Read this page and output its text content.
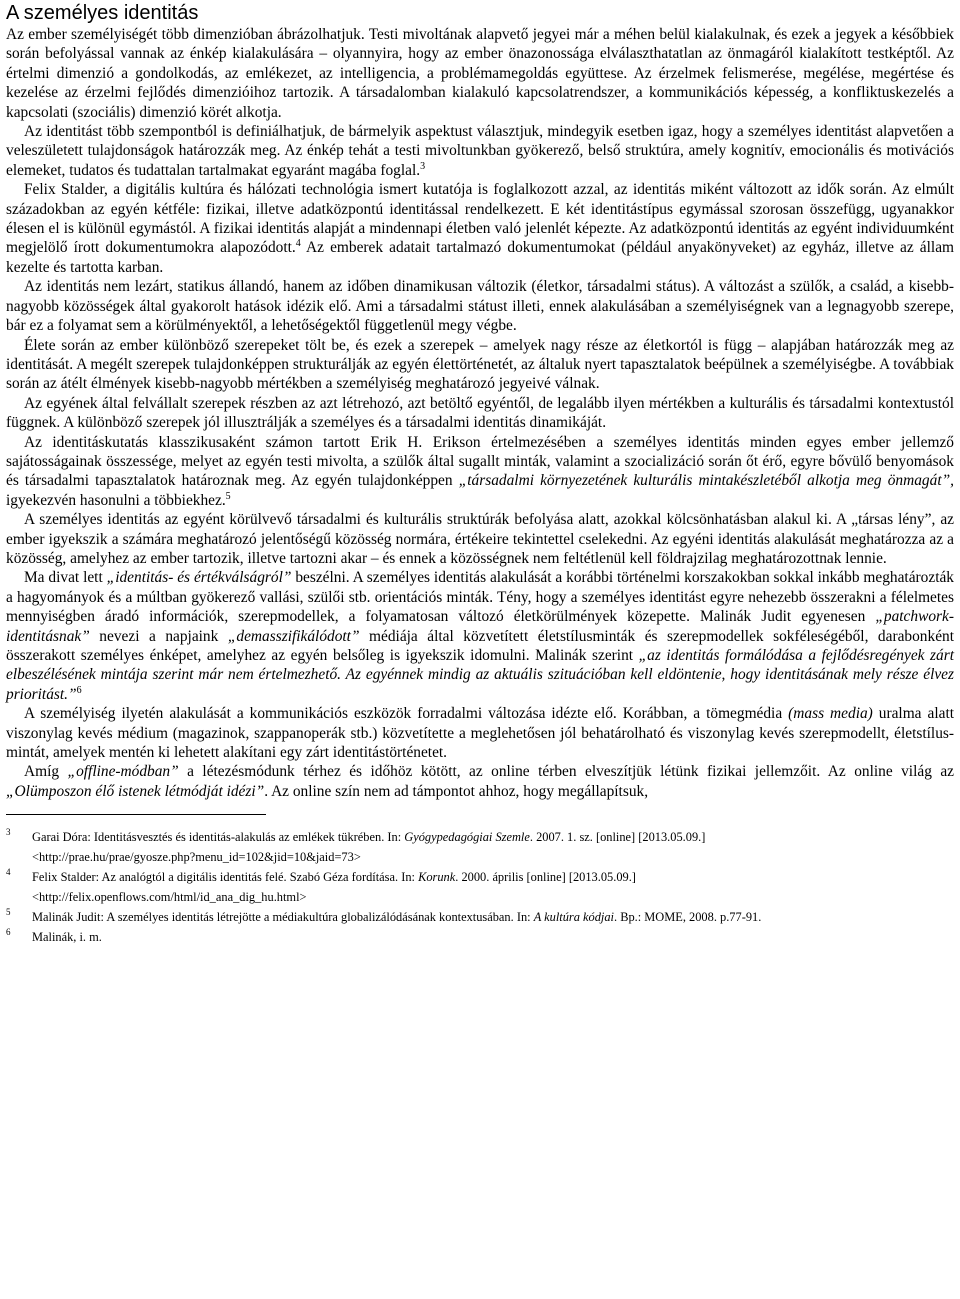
A személyes identitás

Az ember személyiségét több dimenzióban ábrázolhatjuk. Testi mivoltának alapvető jegyei már a méhen belül kialakulnak, és ezek a jegyek a későbbiek során befolyással vannak az énkép kialakulására – olyannyira, hogy az ember önazonossága elválaszthatatlan az önmagáról kialakított testképtől. Az értelmi dimenzió a gondolkodás, az emlékezet, az intelligencia, a problémamegoldás együttese. Az érzelmek felismerése, megélése, megértése és kezelése az érzelmi fejlődés dimenzióihoz tartozik. A társadalomban kialakuló kapcsolatrendszer, a kommunikációs képesség, a konfliktuskezelés a kapcsolati (szociális) dimenzió körét alkotja.

Az identitást több szempontból is definiálhatjuk, de bármelyik aspektust választjuk, mindegyik esetben igaz, hogy a személyes identitást alapvetően a veleszületett tulajdonságok határozzák meg. Az énkép tehát a testi mivoltunkban gyökerező, belső struktúra, amely kognitív, emocionális és motivációs elemeket, tudatos és tudattalan tartalmakat egyaránt magába foglal.$^3$

Felix Stalder, a digitális kultúra és hálózati technológia ismert kutatója is foglalkozott azzal, az identitás miként változott az idők során. Az elmúlt századokban az egyén kétféle: fizikai, illetve adatközpontú identitással rendelkezett. E két identitástípus egymással szorosan összefügg, ugyanakkor élesen el is különül egymástól. A fizikai identitás alapját a mindennapi életben való jelenlét képezte. Az adatközpontú identitás az egyént individuumként megjelölő írott dokumentumokra alapozódott.$^4$ Az emberek adatait tartalmazó dokumentumokat (például anyakönyveket) az egyház, illetve az állam kezelte és tartotta karban.

Az identitás nem lezárt, statikus állandó, hanem az időben dinamikusan változik (életkor, társadalmi státus). A változást a szülők, a család, a kisebb-nagyobb közösségek által gyakorolt hatások idézik elő. Ami a társadalmi státust illeti, ennek alakulásában a személyiségnek van a legnagyobb szerepe, bár ez a folyamat sem a körülményektől, a lehetőségektől függetlenül megy végbe.

Élete során az ember különböző szerepeket tölt be, és ezek a szerepek – amelyek nagy része az életkortól is függ – alapjában határozzák meg az identitását. A megélt szerepek tulajdonképpen strukturálják az egyén élettörténetét, az általuk nyert tapasztalatok beépülnek a személyiségbe. A továbbiak során az átélt élmények kisebb-nagyobb mértékben a személyiség meghatározó jegyeivé válnak.

Az egyének által felvállalt szerepek részben az azt létrehozó, azt betöltő egyéntől, de legalább ilyen mértékben a kulturális és társadalmi kontextustól függnek. A különböző szerepek jól illusztrálják a személyes és a társadalmi identitás dinamikáját.

Az identitáskutatás klasszikusaként számon tartott Erik H. Erikson értelmezésében a személyes identitás minden egyes ember jellemző sajátosságainak összessége, melyet az egyén testi mivolta, a szülők által sugallt minták, valamint a szocializáció során őt érő, egyre bővülő benyomások és társadalmi tapasztalatok határoznak meg. Az egyén tulajdonképpen „társadalmi környezetének kulturális mintakészletéből alkotja meg önmagát”, igyekezvén hasonulni a többiekhez.$^5$

A személyes identitás az egyént körülvevő társadalmi és kulturális struktúrák befolyása alatt, azokkal kölcsönhatásban alakul ki. A „társas lény”, az ember igyekszik a számára meghatározó jelentőségű közösség normára, értékeire tekintettel cselekedni. Az egyéni identitás alakulását meghatározza az a közösség, amelyhez az ember tartozik, illetve tartozni akar – és ennek a közösségnek nem feltétlenül kell földrajzilag meghatározottnak lennie.

Ma divat lett „identitás- és értékválságról” beszélni. A személyes identitás alakulását a korábbi történelmi korszakokban sokkal inkább meghatározták a hagyományok és a múltban gyökerező vallási, szülői stb. orientációs minták. Tény, hogy a személyes identitást egyre nehezebb összerakni a félelmetes mennyiségben áradó információk, szerepmodellek, a folyamatosan változó életkörülmények közepette. Malinák Judit egyenesen „patchwork-identitásnak” nevezi a napjaink „demasszifikálódott” médiája által közvetített életstílusminták és szerepmodellek sokféleségéből, darabonként összerakott személyes énképet, amelyhez az egyén belsőleg is igyekszik idomulni. Malinák szerint „az identitás formálódása a fejlődésregények zárt elbeszélésének mintája szerint már nem értelmezhető. Az egyénnek mindig az aktuális szituációban kell eldöntenie, hogy identitásának mely része élvez prioritást.”$^6$

A személyiség ilyetén alakulását a kommunikációs eszközök forradalmi változása idézte elő. Korábban, a tömegmédia (mass media) uralma alatt viszonylag kevés médium (magazinok, szappanoperák stb.) közvetítette a meglehetősen jól behatárolható és viszonylag kevés szerepmodellt, életstílus-mintát, amelyek mentén ki lehetett alakítani egy zárt identitástörténetet.

Amíg „offline-módban” a létezésmódunk térhez és időhöz kötött, az online térben elveszítjük létünk fizikai jellemzőit. Az online világ az „Olümposzon élő istenek létmódját idézi”. Az online szín nem ad támpontot ahhoz, hogy megállapítsuk,

3 Garai Dóra: Identitásvesztés és identitás-alakulás az emlékek tükrében. In: Gyógypedagógiai Szemle. 2007. 1. sz. [online] [2013.05.09.]
<http://prae.hu/prae/gyosze.php?menu_id=102&jid=10&jaid=73>
4 Felix Stalder: Az analógtól a digitális identitás felé. Szabó Géza fordítása. In: Korunk. 2000. április [online] [2013.05.09.]
<http://felix.openflows.com/html/id_ana_dig_hu.html>
5 Malinák Judit: A személyes identitás létrejötte a médiakultúra globalizálódásának kontextusában. In: A kultúra kódjai. Bp.: MOME, 2008. p.77-91.
6 Malinák, i. m.
